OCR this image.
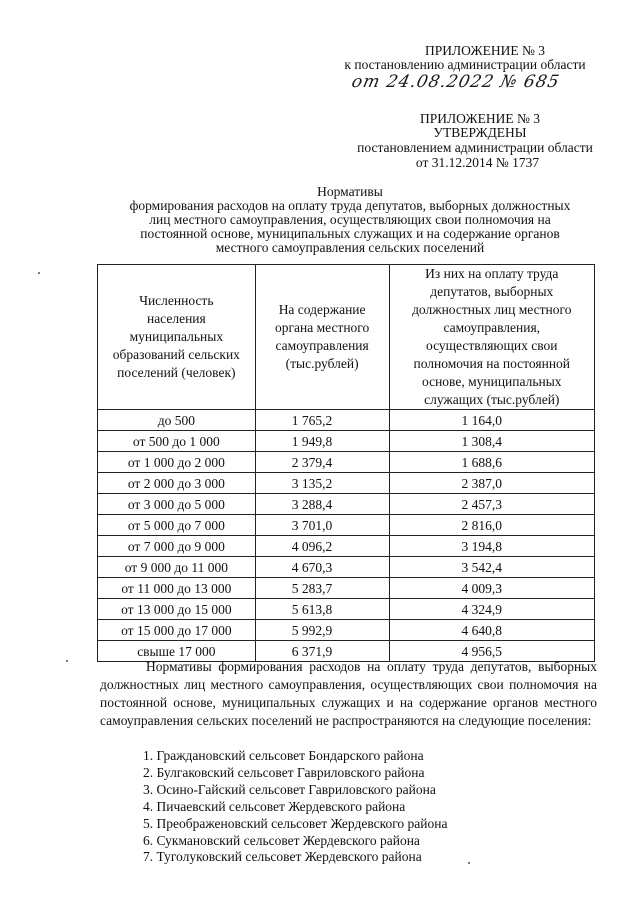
ПРИЛОЖЕНИЕ № 3
к постановлению администрации области
от 24.08.2022 № 685
ПРИЛОЖЕНИЕ № 3
УТВЕРЖДЕНЫ
постановлением администрации области
от 31.12.2014 № 1737
Нормативы
формирования расходов на оплату труда депутатов, выборных должностных
лиц местного самоуправления, осуществляющих свои полномочия на
постоянной основе, муниципальных служащих и на содержание органов
местного самоуправления сельских поселений
Численность населения муниципальных образований сельских поселений (человек)	На содержание органа местного самоуправления (тыс.рублей)	Из них на оплату труда депутатов, выборных должностных лиц местного самоуправления, осуществляющих свои полномочия на постоянной основе, муниципальных служащих (тыс.рублей)
до 500	1 765,2	1 164,0
от 500 до 1 000	1 949,8	1 308,4
от 1 000 до 2 000	2 379,4	1 688,6
от 2 000 до 3 000	3 135,2	2 387,0
от 3 000 до 5 000	3 288,4	2 457,3
от 5 000 до 7 000	3 701,0	2 816,0
от 7 000 до 9 000	4 096,2	3 194,8
от 9 000 до 11 000	4 670,3	3 542,4
от 11 000 до 13 000	5 283,7	4 009,3
от 13 000 до 15 000	5 613,8	4 324,9
от 15 000 до 17 000	5 992,9	4 640,8
свыше 17 000	6 371,9	4 956,5
Нормативы формирования расходов на оплату труда депутатов, выборных должностных лиц местного самоуправления, осуществляющих свои полномочия на постоянной основе, муниципальных служащих и на содержание органов местного самоуправления сельских поселений не распространяются на следующие поселения:
1. Граждановский сельсовет Бондарского района
2. Булгаковский сельсовет Гавриловского района
3. Осино-Гайский сельсовет Гавриловского района
4. Пичаевский сельсовет Жердевского района
5. Преображеновский сельсовет Жердевского района
6. Сукмановский сельсовет Жердевского района
7. Туголуковский сельсовет Жердевского района
